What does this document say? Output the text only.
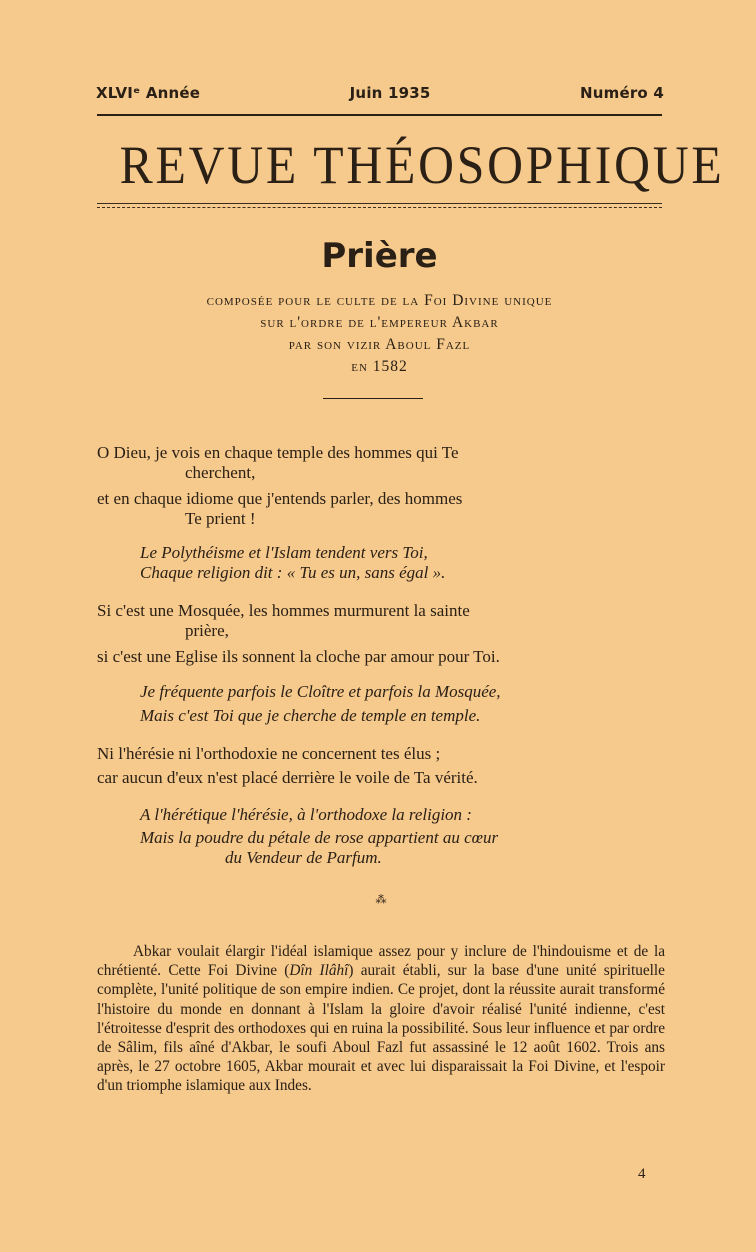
XLVIᵉ Année	Juin 1935	Numéro 4
REVUE THÉOSOPHIQUE
Prière
composée pour le culte de la Foi Divine unique
sur l'ordre de l'empereur Akbar
par son vizir Aboul Fazl
en 1582
O Dieu, je vois en chaque temple des hommes qui Te
cherchent,
et en chaque idiome que j'entends parler, des hommes
Te prient !
Le Polythéisme et l'Islam tendent vers Toi,
Chaque religion dit : « Tu es un, sans égal ».
Si c'est une Mosquée, les hommes murmurent la sainte
prière,
si c'est une Eglise ils sonnent la cloche par amour pour Toi.
Je fréquente parfois le Cloître et parfois la Mosquée,
Mais c'est Toi que je cherche de temple en temple.
Ni l'hérésie ni l'orthodoxie ne concernent tes élus ;
car aucun d'eux n'est placé derrière le voile de Ta vérité.
A l'hérétique l'hérésie, à l'orthodoxe la religion :
Mais la poudre du pétale de rose appartient au cœur
du Vendeur de Parfum.
⁂

Abkar voulait élargir l'idéal islamique assez pour y inclure de l'hindouisme et de la chrétienté. Cette Foi Divine (Dîn Ilâhî) aurait établi, sur la base d'une unité spirituelle complète, l'unité politique de son empire indien. Ce projet, dont la réussite aurait transformé l'histoire du monde en donnant à l'Islam la gloire d'avoir réalisé l'unité indienne, c'est l'étroitesse d'esprit des orthodoxes qui en ruina la possibilité. Sous leur influence et par ordre de Sâlim, fils aîné d'Akbar, le soufi Aboul Fazl fut assassiné le 12 août 1602. Trois ans après, le 27 octobre 1605, Akbar mourait et avec lui disparaissait la Foi Divine, et l'espoir d'un triomphe islamique aux Indes.

4
